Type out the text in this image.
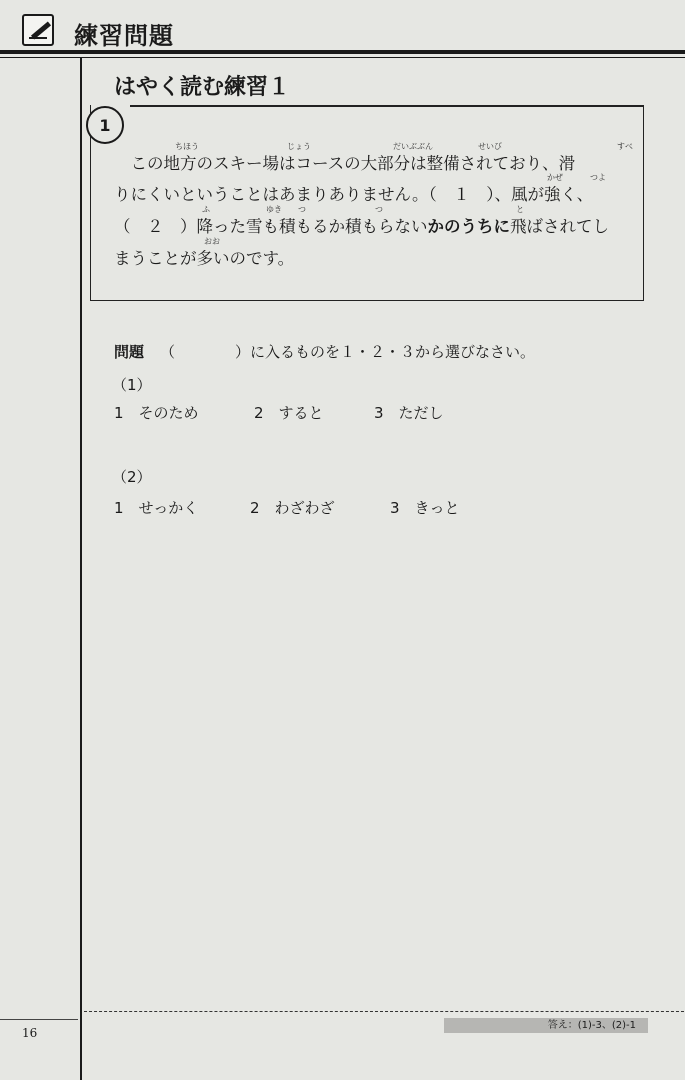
練習問題
はやく読む練習１
1
ちほう	じょう	だいぶぶん	せいび	すべ
かぜ	つよ
ふ	ゆき つ	つ	と
おお
　この地方のスキー場はコースの大部分は整備されており、滑
りにくいということはあまりありません。（　１　）、風が強く、
（　２　）降った雪も積もるか積もらないかのうちに飛ばされてし
まうことが多いのです。
問題 （　　　　）に入るものを１・２・３から選びなさい。
（1）
1　そのため	2　すると	3　ただし
（2）
1　せっかく	2　わざわざ	3　きっと
16
答え：(1)-3、(2)-1
